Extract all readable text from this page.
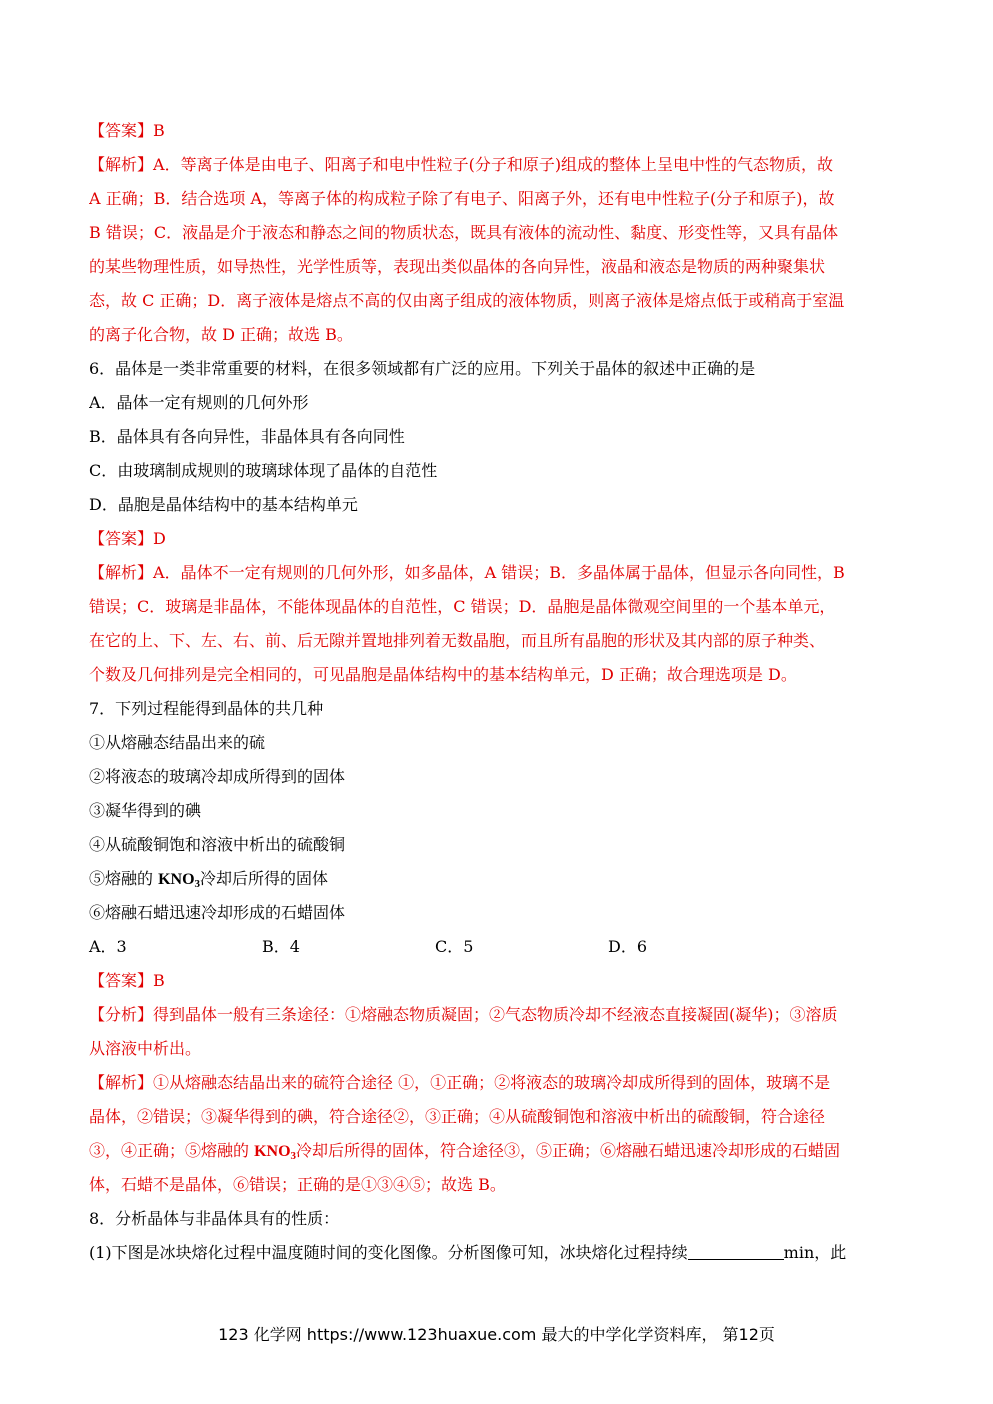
【答案】B
【解析】A．等离子体是由电子、阳离子和电中性粒子(分子和原子)组成的整体上呈电中性的气态物质，故
A 正确；B．结合选项 A，等离子体的构成粒子除了有电子、阳离子外，还有电中性粒子(分子和原子)，故
B 错误；C．液晶是介于液态和静态之间的物质状态，既具有液体的流动性、黏度、形变性等，又具有晶体
的某些物理性质，如导热性，光学性质等，表现出类似晶体的各向异性，液晶和液态是物质的两种聚集状
态，故 C 正确；D．离子液体是熔点不高的仅由离子组成的液体物质，则离子液体是熔点低于或稍高于室温
的离子化合物，故 D 正确；故选 B。
6．晶体是一类非常重要的材料，在很多领域都有广泛的应用。下列关于晶体的叙述中正确的是
A．晶体一定有规则的几何外形
B．晶体具有各向异性，非晶体具有各向同性
C．由玻璃制成规则的玻璃球体现了晶体的自范性
D．晶胞是晶体结构中的基本结构单元
【答案】D
【解析】A．晶体不一定有规则的几何外形，如多晶体，A 错误；B．多晶体属于晶体，但显示各向同性，B
错误；C．玻璃是非晶体，不能体现晶体的自范性，C 错误；D．晶胞是晶体微观空间里的一个基本单元，
在它的上、下、左、右、前、后无隙并置地排列着无数晶胞，而且所有晶胞的形状及其内部的原子种类、
个数及几何排列是完全相同的，可见晶胞是晶体结构中的基本结构单元，D 正确；故合理选项是 D。
7．下列过程能得到晶体的共几种
①从熔融态结晶出来的硫
②将液态的玻璃冷却成所得到的固体
③凝华得到的碘
④从硫酸铜饱和溶液中析出的硫酸铜
⑤熔融的 $KNO_3$冷却后所得的固体
⑥熔融石蜡迅速冷却形成的石蜡固体
A．3	B．4	C．5	D．6
【答案】B
【分析】得到晶体一般有三条途径：①熔融态物质凝固；②气态物质冷却不经液态直接凝固(凝华)；③溶质
从溶液中析出。
【解析】①从熔融态结晶出来的硫符合途径 ①，①正确；②将液态的玻璃冷却成所得到的固体，玻璃不是
晶体，②错误；③凝华得到的碘，符合途径②，③正确；④从硫酸铜饱和溶液中析出的硫酸铜，符合途径
③，④正确；⑤熔融的 $KNO_3$冷却后所得的固体，符合途径③，⑤正确；⑥熔融石蜡迅速冷却形成的石蜡固
体，石蜡不是晶体，⑥错误；正确的是①③④⑤；故选 B。
8．分析晶体与非晶体具有的性质：
(1)下图是冰块熔化过程中温度随时间的变化图像。分析图像可知，冰块熔化过程持续	min，此
123 化学网 https://www.123huaxue.com 最大的中学化学资料库， 第12页
